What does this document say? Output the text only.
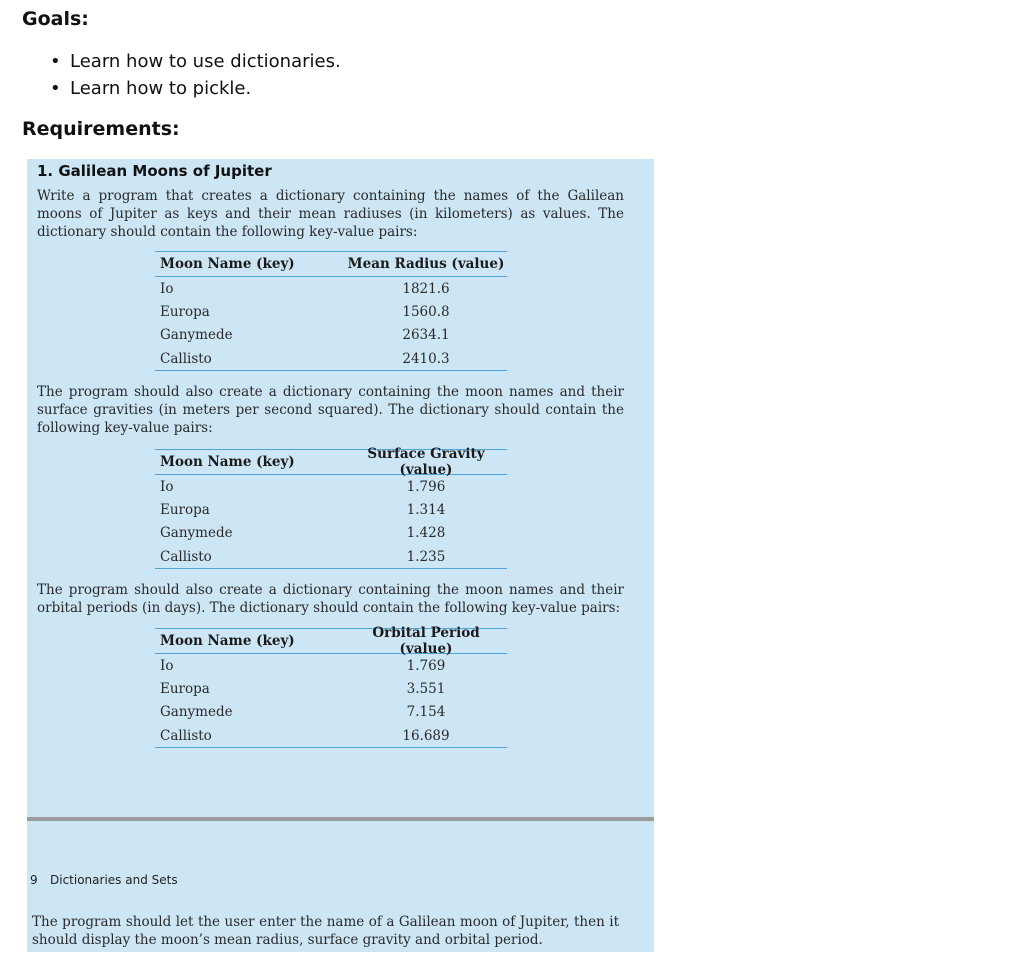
Goals:
• Learn how to use dictionaries.
• Learn how to pickle.
Requirements:
1. Galilean Moons of Jupiter

Write a program that creates a dictionary containing the names of the Galilean moons of Jupiter as keys and their mean radiuses (in kilometers) as values. The dictionary should contain the following key-value pairs:

Moon Name (key)	Mean Radius (value)
Io	1821.6
Europa	1560.8
Ganymede	2634.1
Callisto	2410.3

The program should also create a dictionary containing the moon names and their surface gravities (in meters per second squared). The dictionary should contain the following key-value pairs:

Moon Name (key)	Surface Gravity (value)
Io	1.796
Europa	1.314
Ganymede	1.428
Callisto	1.235

The program should also create a dictionary containing the moon names and their orbital periods (in days). The dictionary should contain the following key-value pairs:

Moon Name (key)	Orbital Period (value)
Io	1.769
Europa	3.551
Ganymede	7.154
Callisto	16.689
9 Dictionaries and Sets

The program should let the user enter the name of a Galilean moon of Jupiter, then it should display the moon’s mean radius, surface gravity and orbital period.
